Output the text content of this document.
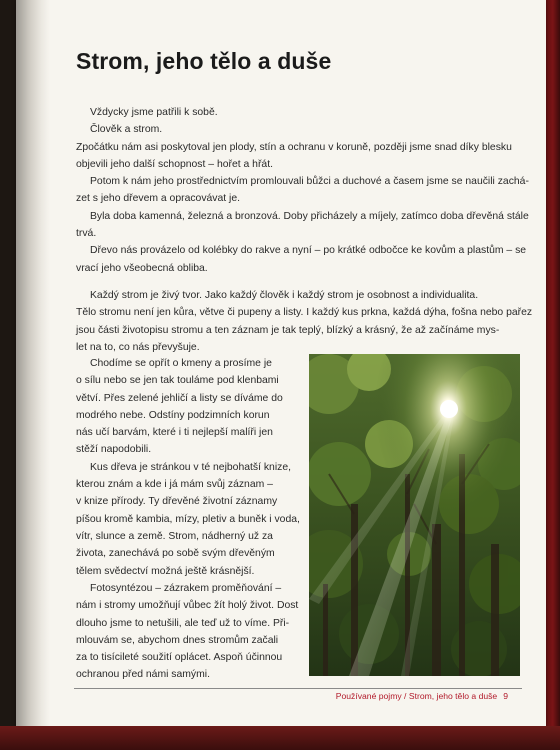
Strom, jeho tělo a duše
Vždycky jsme patřili k sobě.
Člověk a strom.
Zpočátku nám asi poskytoval jen plody, stín a ochranu v koruně, později jsme snad díky blesku
objevili jeho další schopnost – hořet a hřát.
Potom k nám jeho prostřednictvím promlouvali bůžci a duchové a časem jsme se naučili zachá-
zet s jeho dřevem a opracovávat je.
Byla doba kamenná, železná a bronzová. Doby přicházely a míjely, zatímco doba dřevěná stále
trvá.
Dřevo nás provázelo od kolébky do rakve a nyní – po krátké odbočce ke kovům a plastům – se
vrací jeho všeobecná obliba.
Každý strom je živý tvor. Jako každý člověk i každý strom je osobnost a individualita.
Tělo stromu není jen kůra, větve či pupeny a listy. I každý kus prkna, každá dýha, fošna nebo pařez
jsou části životopisu stromu a ten záznam je tak teplý, blízký a krásný, že až začínáme mys-
let na to, co nás převyšuje.
Chodíme se opřít o kmeny a prosíme je
o sílu nebo se jen tak touláme pod klenbami
větví. Přes zelené jehličí a listy se díváme do
modrého nebe. Odstíny podzimních korun
nás učí barvám, které i ti nejlepší malíři jen
stěží napodobili.
Kus dřeva je stránkou v té nejbohatší knize,
kterou znám a kde i já mám svůj záznam –
v knize přírody. Ty dřevěné životní záznamy
píšou kromě kambia, mízy, pletiv a buněk i voda,
vítr, slunce a země. Strom, nádherný už za
života, zanechává po sobě svým dřevěným
tělem svědectví možná ještě krásnější.
Fotosyntézou – zázrakem proměňování –
nám i stromy umožňují vůbec žít holý život. Dost
dlouho jsme to netušili, ale teď už to víme. Při-
mlouvám se, abychom dnes stromům začali
za to tisícileté soužití oplácet. Aspoň účinnou
ochranou před námi samými.
Používané pojmy / Strom, jeho tělo a duše 9
